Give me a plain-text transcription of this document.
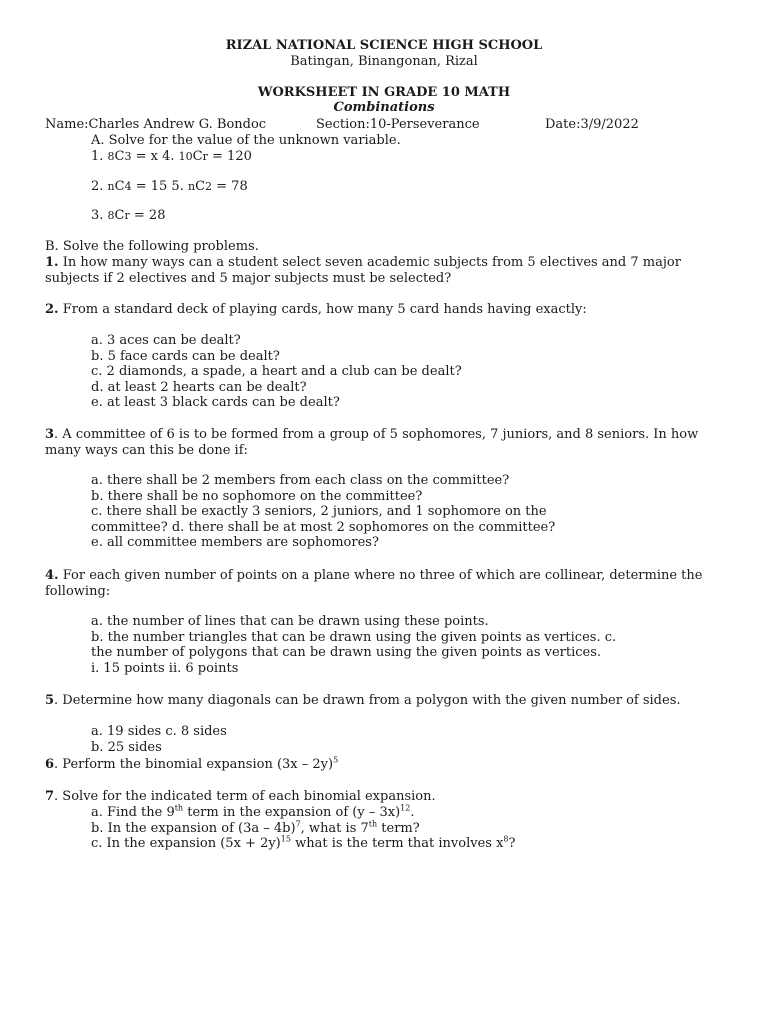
RIZAL NATIONAL SCIENCE HIGH SCHOOL
Batingan, Binangonan, Rizal
WORKSHEET IN GRADE 10 MATH
Combinations
Name:Charles Andrew G. Bondoc	Section:10-Perseverance	Date:3/9/2022
A. Solve for the value of the unknown variable.
1. 8C3 = x 4. 10Cr = 120
2. nC4 = 15 5. nC2 = 78
3. 8Cr = 28
B. Solve the following problems.
1. In how many ways can a student select seven academic subjects from 5 electives and 7 major subjects if 2 electives and 5 major subjects must be selected?
2. From a standard deck of playing cards, how many 5 card hands having exactly:
a. 3 aces can be dealt?
b. 5 face cards can be dealt?
c. 2 diamonds, a spade, a heart and a club can be dealt?
d. at least 2 hearts can be dealt?
e. at least 3 black cards can be dealt?
3. A committee of 6 is to be formed from a group of 5 sophomores, 7 juniors, and 8 seniors. In how many ways can this be done if:
a. there shall be 2 members from each class on the committee?
b. there shall be no sophomore on the committee?
c. there shall be exactly 3 seniors, 2 juniors, and 1 sophomore on the
committee? d. there shall be at most 2 sophomores on the committee?
e. all committee members are sophomores?
4. For each given number of points on a plane where no three of which are collinear, determine the following:
a. the number of lines that can be drawn using these points.
b. the number triangles that can be drawn using the given points as vertices. c.
the number of polygons that can be drawn using the given points as vertices.
i. 15 points ii. 6 points
5. Determine how many diagonals can be drawn from a polygon with the given number of sides.
a. 19 sides c. 8 sides
b. 25 sides
6. Perform the binomial expansion (3x – 2y)$^5$
7. Solve for the indicated term of each binomial expansion.
a. Find the 9th term in the expansion of (y – 3x)$^{12}$.
b. In the expansion of (3a – 4b)$^7$, what is 7th term?
c. In the expansion $(5x + 2y)^{15}$ what is the term that involves $x^8$?
